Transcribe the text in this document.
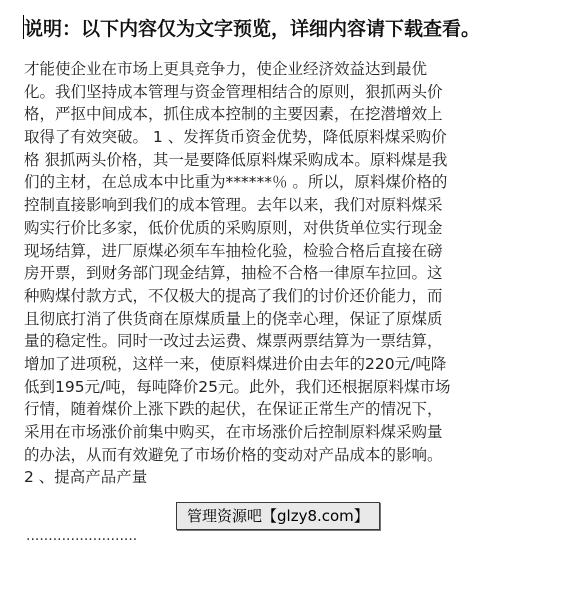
说明：以下内容仅为文字预览，详细内容请下载查看。
才能使企业在市场上更具竞争力，使企业经济效益达到最优
化。我们坚持成本管理与资金管理相结合的原则，狠抓两头价
格，严抠中间成本，抓住成本控制的主要因素，在挖潜增效上
取得了有效突破。 1 、发挥货币资金优势，降低原料煤采购价
格 狠抓两头价格，其一是要降低原料煤采购成本。原料煤是我
们的主材，在总成本中比重为******％ 。所以，原料煤价格的
控制直接影响到我们的成本管理。去年以来，我们对原料煤采
购实行价比多家，低价优质的采购原则，对供货单位实行现金
现场结算，进厂原煤必须车车抽检化验，检验合格后直接在磅
房开票，到财务部门现金结算，抽检不合格一律原车拉回。这
种购煤付款方式，不仅极大的提高了我们的讨价还价能力，而
且彻底打消了供货商在原煤质量上的侥幸心理，保证了原煤质
量的稳定性。同时一改过去运费、煤票两票结算为一票结算，
增加了进项税，这样一来，使原料煤进价由去年的220元/吨降
低到195元/吨，每吨降价25元。此外，我们还根据原料煤市场
行情，随着煤价上涨下跌的起伏，在保证正常生产的情况下，
采用在市场涨价前集中购买，在市场涨价后控制原料煤采购量
的办法，从而有效避免了市场价格的变动对产品成本的影响。
2 、提高产品产量
·························
管理资源吧【glzy8.com】
